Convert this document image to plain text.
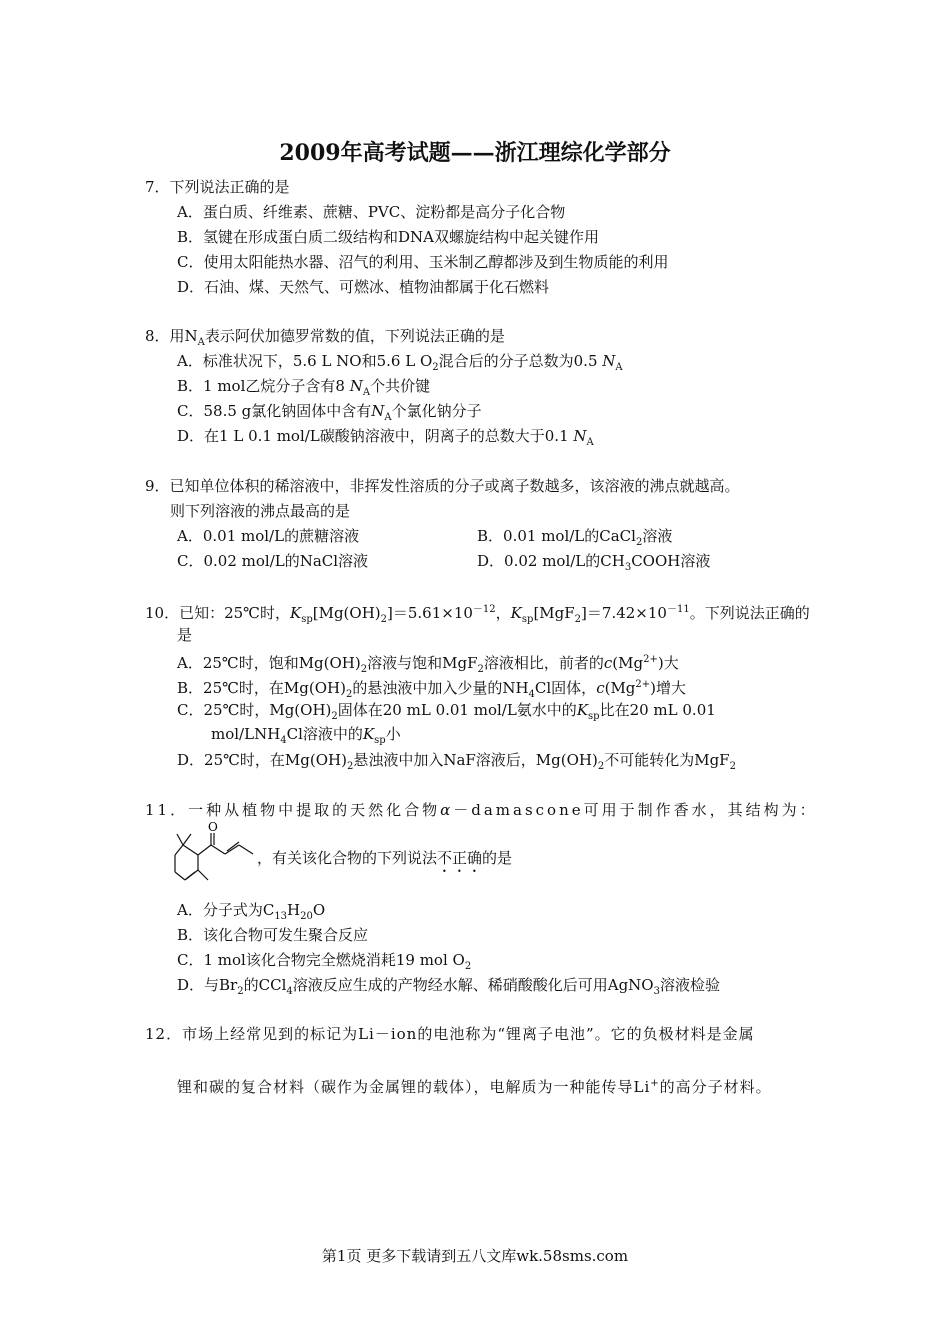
2009年高考试题——浙江理综化学部分
7．下列说法正确的是
A．蛋白质、纤维素、蔗糖、PVC、淀粉都是高分子化合物
B．氢键在形成蛋白质二级结构和DNA双螺旋结构中起关键作用
C．使用太阳能热水器、沼气的利用、玉米制乙醇都涉及到生物质能的利用
D．石油、煤、天然气、可燃冰、植物油都属于化石燃料
8．用$N_A$表示阿伏加德罗常数的值，下列说法正确的是
A．标准状况下，5.6 L NO和5.6 L $O_2$混合后的分子总数为0.5 $N_A$
B．1 mol乙烷分子含有8 $N_A$个共价键
C．58.5 g氯化钠固体中含有$N_A$个氯化钠分子
D．在1 L 0.1 mol/L碳酸钠溶液中，阴离子的总数大于0.1 $N_A$
9．已知单位体积的稀溶液中，非挥发性溶质的分子或离子数越多，该溶液的沸点就越高。
则下列溶液的沸点最高的是
A．0.01 mol/L的蔗糖溶液	B．0.01 mol/L的CaCl$_2$溶液
C．0.02 mol/L的NaCl溶液	D．0.02 mol/L的$CH_3COOH$溶液
10．已知：25℃时，$K_{sp}[Mg(OH)_2]=5.61\times 10^{-12}$，$K_{sp}[MgF_2]=7.42\times 10^{-11}$。下列说法正确的
是
A．25℃时，饱和$Mg(OH)_2$溶液与饱和MgF$_2$溶液相比，前者的$c(Mg^{2+})$大
B．25℃时，在$Mg(OH)_2$的悬浊液中加入少量的$NH_4Cl$固体，$c(Mg^{2+})$增大
C．25℃时，$Mg(OH)_2$固体在20 mL 0.01 mol/L氨水中的$K_{sp}$比在20 mL 0.01
mol/$LNH_4Cl$溶液中的$K_{sp}$小
D．25℃时，在$Mg(OH)_2$悬浊液中加入NaF溶液后，$Mg(OH)_2$不可能转化为MgF$_2$
11．一种从植物中提取的天然化合物α－damascone可用于制作香水，其结构为：
O
，有关该化合物的下列说法不正确的是
A．分子式为$C_{13}H_{20}O$
B．该化合物可发生聚合反应
C．1 mol该化合物完全燃烧消耗19 mol $O_2$
D．与$Br_2$的CCl$_4$溶液反应生成的产物经水解、稀硝酸酸化后可用AgNO$_3$溶液检验
12．市场上经常见到的标记为Li－ion的电池称为“锂离子电池”。它的负极材料是金属
锂和碳的复合材料（碳作为金属锂的载体），电解质为一种能传导Li+的高分子材料。
第1页 更多下载请到五八文库wk.58sms.com
